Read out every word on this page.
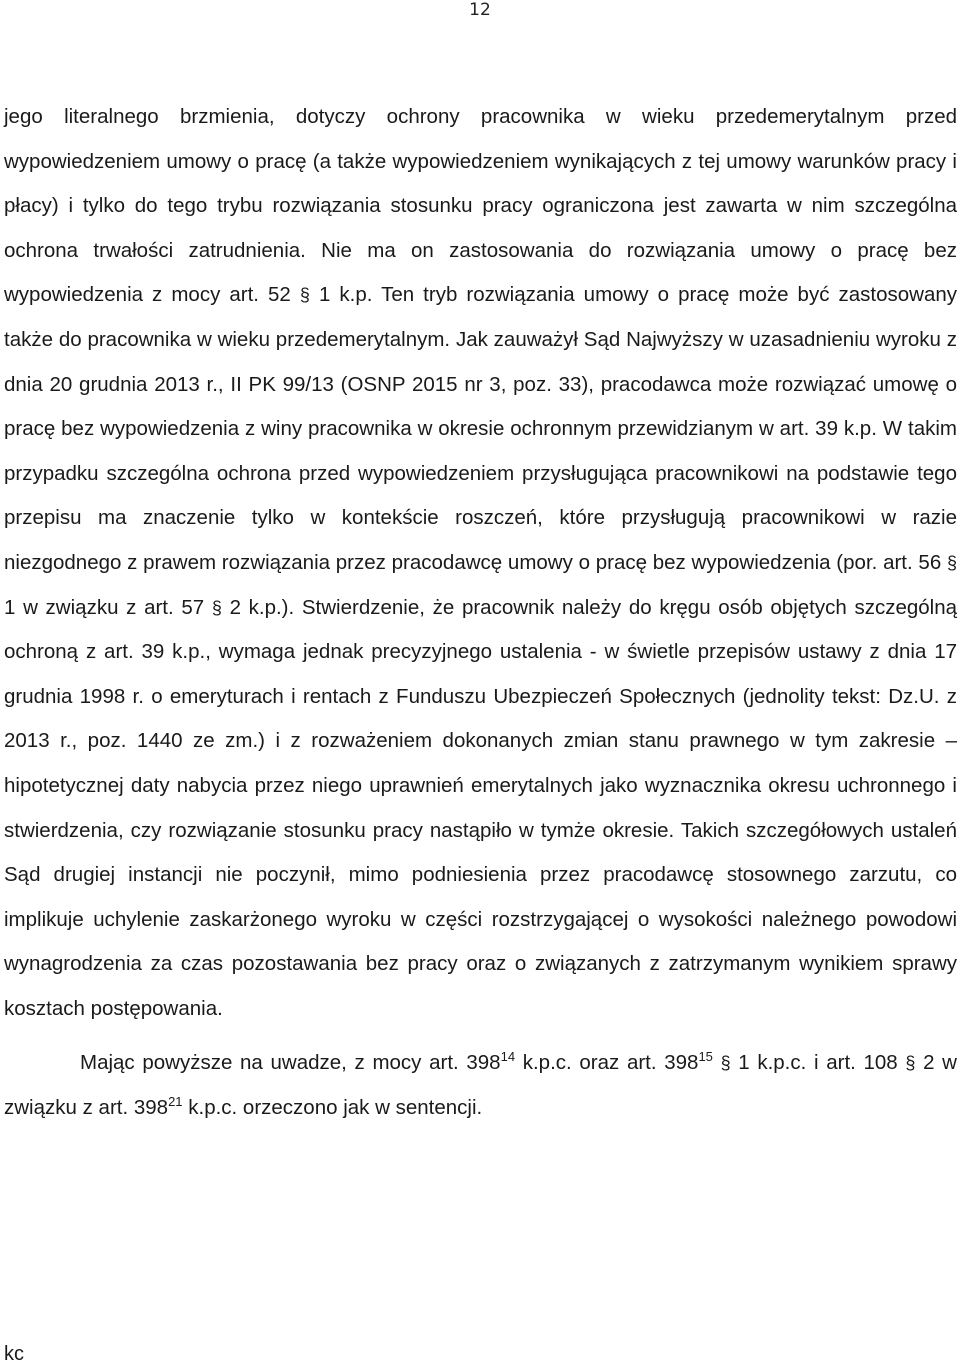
12

jego literalnego brzmienia, dotyczy ochrony pracownika w wieku przedemerytalnym przed wypowiedzeniem umowy o pracę (a także wypowiedzeniem wynikających z tej umowy warunków pracy i płacy) i tylko do tego trybu rozwiązania stosunku pracy ograniczona jest zawarta w nim szczególna ochrona trwałości zatrudnienia. Nie ma on zastosowania do rozwiązania umowy o pracę bez wypowiedzenia z mocy art. 52 § 1 k.p. Ten tryb rozwiązania umowy o pracę może być zastosowany także do pracownika w wieku przedemerytalnym. Jak zauważył Sąd Najwyższy w uzasadnieniu wyroku z dnia 20 grudnia 2013 r., II PK 99/13 (OSNP 2015 nr 3, poz. 33), pracodawca może rozwiązać umowę o pracę bez wypowiedzenia z winy pracownika w okresie ochronnym przewidzianym w art. 39 k.p. W takim przypadku szczególna ochrona przed wypowiedzeniem przysługująca pracownikowi na podstawie tego przepisu ma znaczenie tylko w kontekście roszczeń, które przysługują pracownikowi w razie niezgodnego z prawem rozwiązania przez pracodawcę umowy o pracę bez wypowiedzenia (por. art. 56 § 1 w związku z art. 57 § 2 k.p.). Stwierdzenie, że pracownik należy do kręgu osób objętych szczególną ochroną z art. 39 k.p., wymaga jednak precyzyjnego ustalenia - w świetle przepisów ustawy z dnia 17 grudnia 1998 r. o emeryturach i rentach z Funduszu Ubezpieczeń Społecznych (jednolity tekst: Dz.U. z 2013 r., poz. 1440 ze zm.) i z rozważeniem dokonanych zmian stanu prawnego w tym zakresie – hipotetycznej daty nabycia przez niego uprawnień emerytalnych jako wyznacznika okresu uchronnego i stwierdzenia, czy rozwiązanie stosunku pracy nastąpiło w tymże okresie. Takich szczegółowych ustaleń Sąd drugiej instancji nie poczynił, mimo podniesienia przez pracodawcę stosownego zarzutu, co implikuje uchylenie zaskarżonego wyroku w części rozstrzygającej o wysokości należnego powodowi wynagrodzenia za czas pozostawania bez pracy oraz o związanych z zatrzymanym wynikiem sprawy kosztach postępowania.

Mając powyższe na uwadze, z mocy art. $398^{14}$ k.p.c. oraz art. $398^{15}$ § 1 k.p.c. i art. 108 § 2 w związku z art. $398^{21}$ k.p.c. orzeczono jak w sentencji.

kc
